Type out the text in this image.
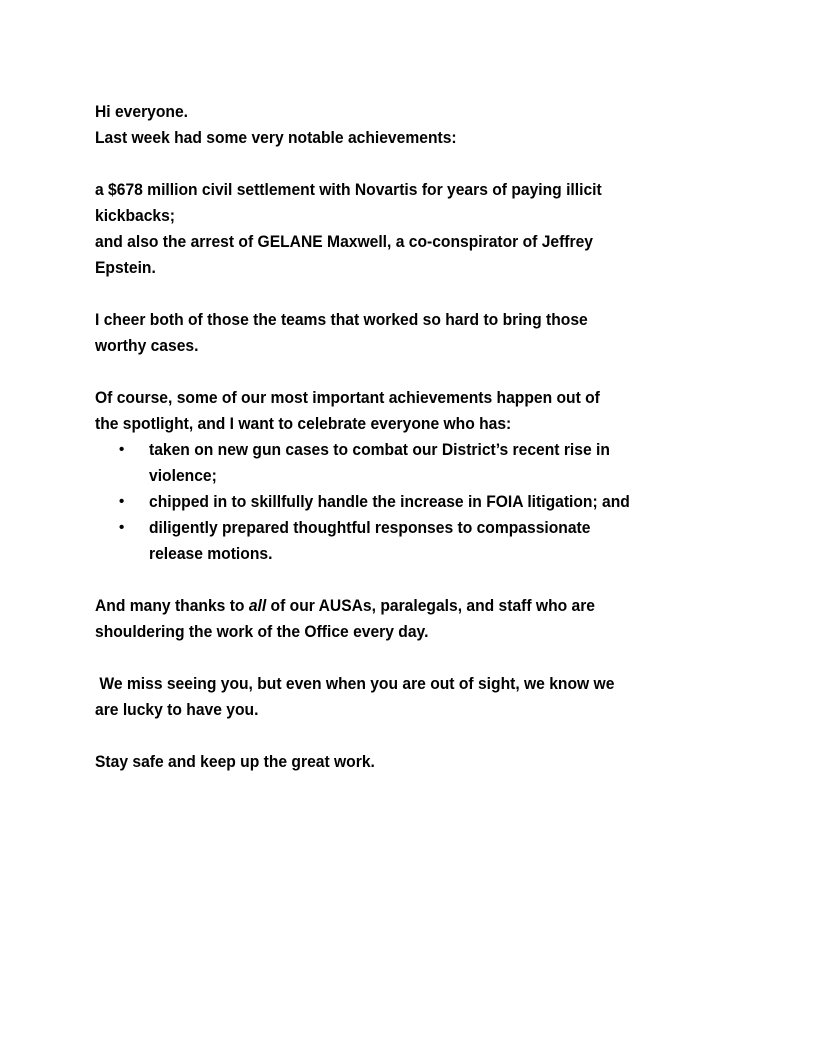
Hi everyone.
Last week had some very notable achievements:
a $678 million civil settlement with Novartis for years of paying illicit
kickbacks;
and also the arrest of GELANE Maxwell, a co-conspirator of Jeffrey
Epstein.
I cheer both of those the teams that worked so hard to bring those
worthy cases.
Of course, some of our most important achievements happen out of
the spotlight, and I want to celebrate everyone who has:
• taken on new gun cases to combat our District’s recent rise in
violence;
• chipped in to skillfully handle the increase in FOIA litigation; and
• diligently prepared thoughtful responses to compassionate
release motions.
And many thanks to all of our AUSAs, paralegals, and staff who are
shouldering the work of the Office every day.
We miss seeing you, but even when you are out of sight, we know we
are lucky to have you.
Stay safe and keep up the great work.
